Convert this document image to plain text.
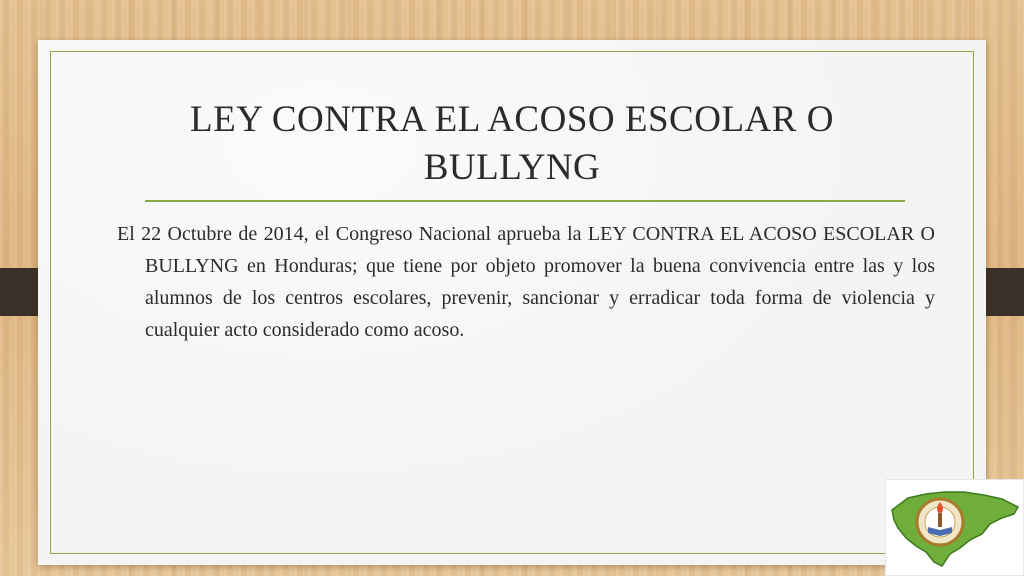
LEY CONTRA EL ACOSO ESCOLAR O BULLYNG

El 22 Octubre de 2014, el Congreso Nacional aprueba la LEY CONTRA EL ACOSO ESCOLAR O BULLYNG en Honduras; que tiene por objeto promover la buena convivencia entre las y los alumnos de los centros escolares, prevenir, sancionar y erradicar toda forma de violencia y cualquier acto considerado como acoso.
